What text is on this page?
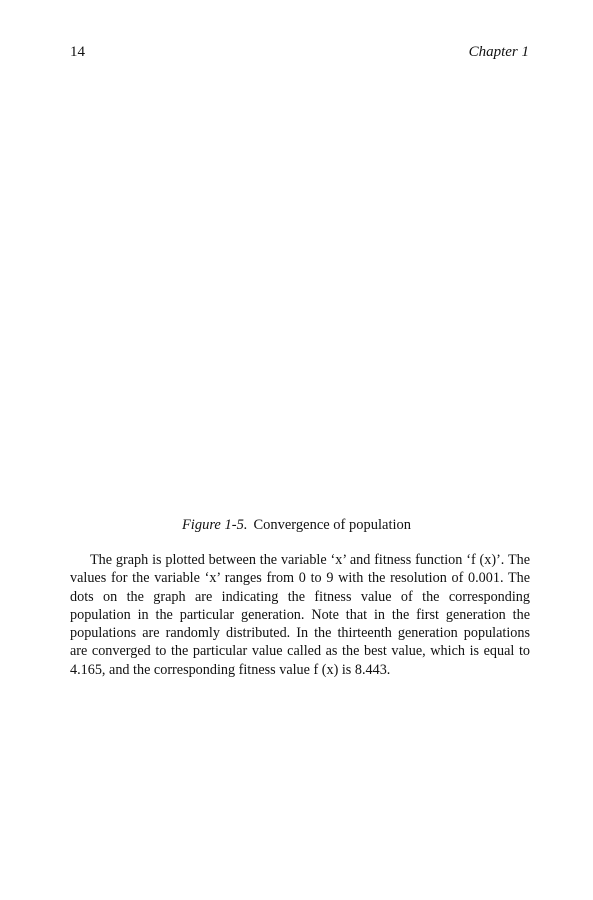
14	Chapter 1
Figure 1-5. Convergence of population

The graph is plotted between the variable ‘x’ and fitness function ‘f (x)’. The values for the variable ‘x’ ranges from 0 to 9 with the resolution of 0.001. The dots on the graph are indicating the fitness value of the corresponding population in the particular generation. Note that in the first generation the populations are randomly distributed. In the thirteenth generation populations are converged to the particular value called as the best value, which is equal to 4.165, and the corresponding fitness value f (x) is 8.443.
